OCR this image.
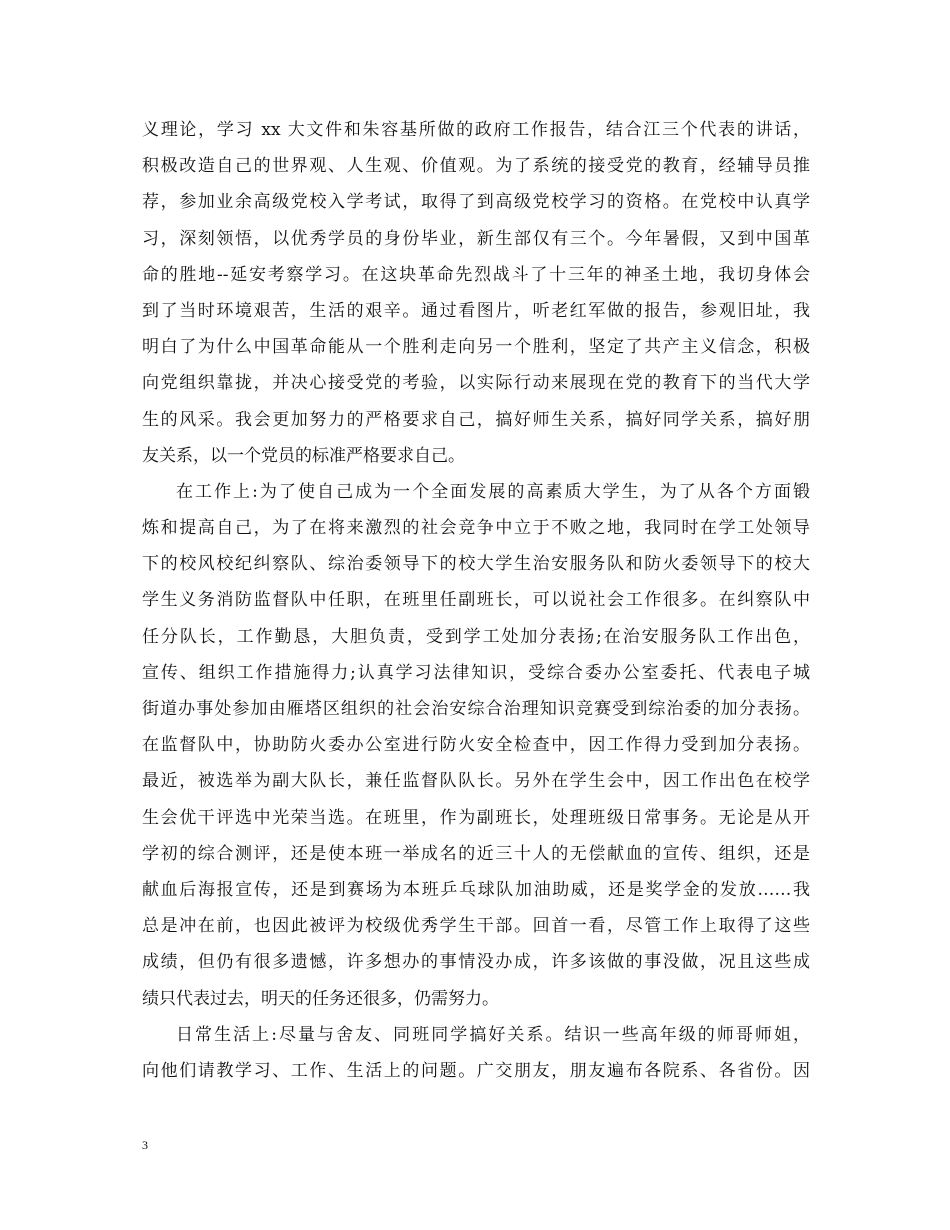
义理论，学习 xx 大文件和朱容基所做的政府工作报告，结合江三个代表的讲话，
积极改造自己的世界观、人生观、价值观。为了系统的接受党的教育，经辅导员推
荐，参加业余高级党校入学考试，取得了到高级党校学习的资格。在党校中认真学
习，深刻领悟，以优秀学员的身份毕业，新生部仅有三个。今年暑假，又到中国革
命的胜地--延安考察学习。在这块革命先烈战斗了十三年的神圣土地，我切身体会
到了当时环境艰苦，生活的艰辛。通过看图片，听老红军做的报告，参观旧址，我
明白了为什么中国革命能从一个胜利走向另一个胜利，坚定了共产主义信念，积极
向党组织靠拢，并决心接受党的考验，以实际行动来展现在党的教育下的当代大学
生的风采。我会更加努力的严格要求自己，搞好师生关系，搞好同学关系，搞好朋
友关系，以一个党员的标准严格要求自己。
在工作上:为了使自己成为一个全面发展的高素质大学生，为了从各个方面锻
炼和提高自己，为了在将来激烈的社会竞争中立于不败之地，我同时在学工处领导
下的校风校纪纠察队、综治委领导下的校大学生治安服务队和防火委领导下的校大
学生义务消防监督队中任职，在班里任副班长，可以说社会工作很多。在纠察队中
任分队长，工作勤恳，大胆负责，受到学工处加分表扬;在治安服务队工作出色，
宣传、组织工作措施得力;认真学习法律知识，受综合委办公室委托、代表电子城
街道办事处参加由雁塔区组织的社会治安综合治理知识竞赛受到综治委的加分表扬。
在监督队中，协助防火委办公室进行防火安全检查中，因工作得力受到加分表扬。
最近，被选举为副大队长，兼任监督队队长。另外在学生会中，因工作出色在校学
生会优干评选中光荣当选。在班里，作为副班长，处理班级日常事务。无论是从开
学初的综合测评，还是使本班一举成名的近三十人的无偿献血的宣传、组织，还是
献血后海报宣传，还是到赛场为本班乒乓球队加油助威，还是奖学金的发放……我
总是冲在前，也因此被评为校级优秀学生干部。回首一看，尽管工作上取得了这些
成绩，但仍有很多遗憾，许多想办的事情没办成，许多该做的事没做，况且这些成
绩只代表过去，明天的任务还很多，仍需努力。
日常生活上:尽量与舍友、同班同学搞好关系。结识一些高年级的师哥师姐，
向他们请教学习、工作、生活上的问题。广交朋友，朋友遍布各院系、各省份。因
3
